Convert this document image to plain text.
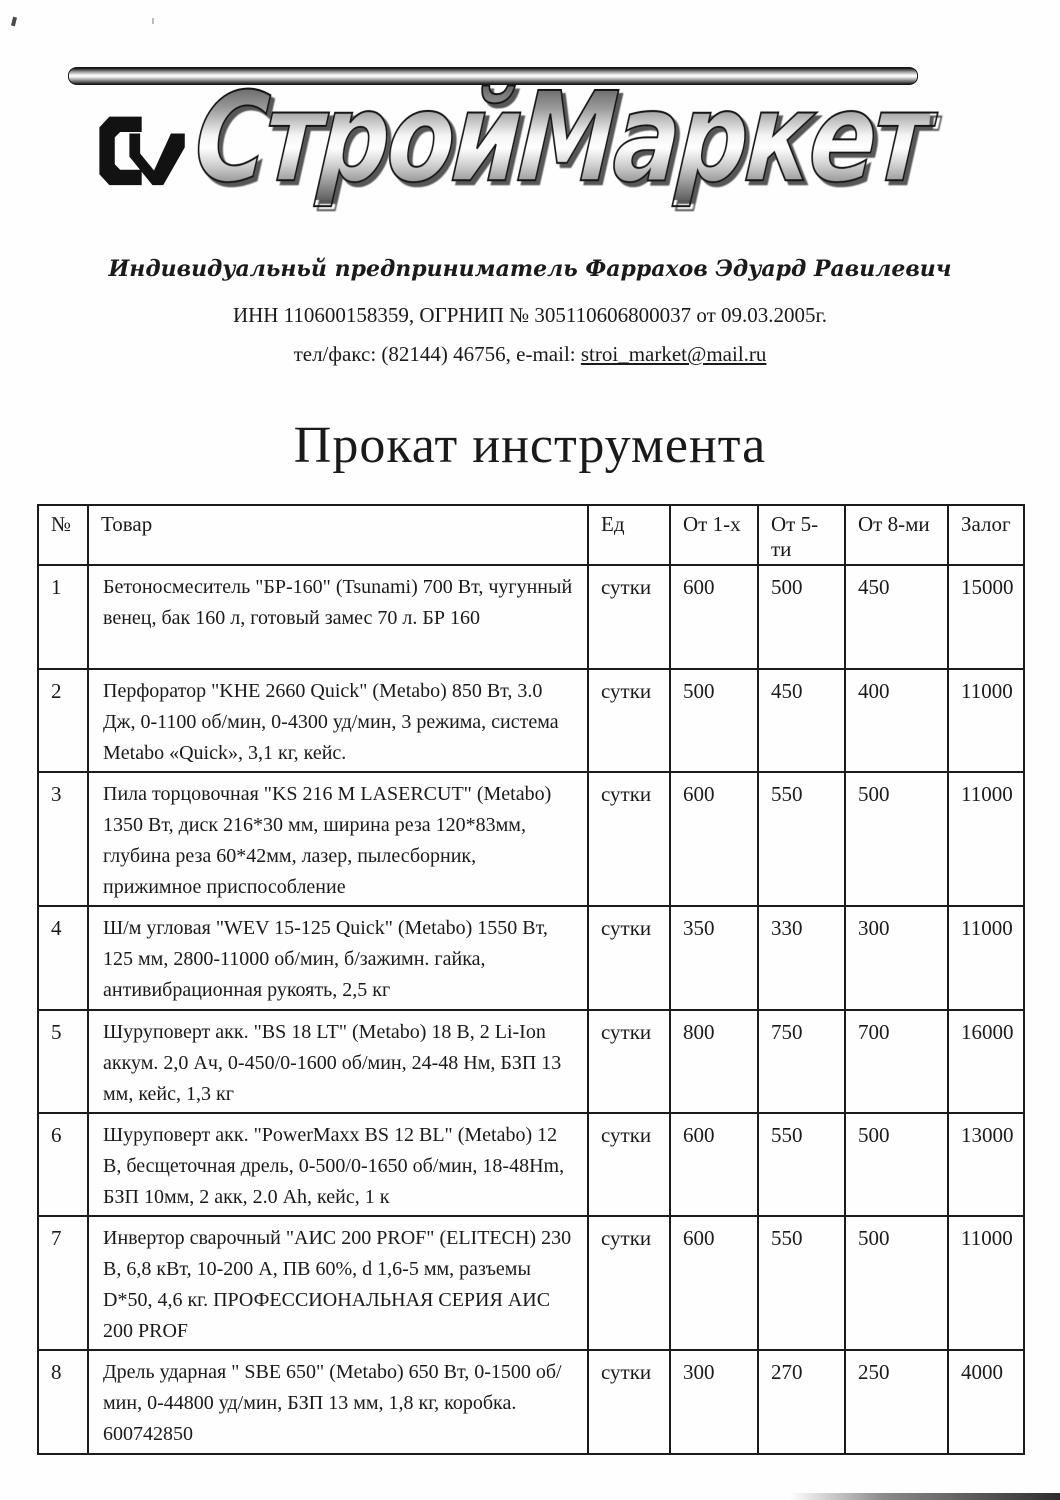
СтройМаркет
Индивидуальньй предприниматель Фаррахов Эдуард Равилевич
ИНН 110600158359, ОГРНИП № 305110606800037 от 09.03.2005г.
тел/факс: (82144) 46756, e-mail: stroi_market@mail.ru
Прокат инструмента
№	Товар	Ед	От 1-х	От 5-ти	От 8-ми	Залог
1	Бетоносмеситель "БР-160" (Tsunami) 700 Вт, чугунный венец, бак 160 л, готовый замес 70 л. БР 160	сутки	600	500	450	15000
2	Перфоратор "KHE 2660 Quick" (Metabo) 850 Вт, 3.0 Дж, 0-1100 об/мин, 0-4300 уд/мин, 3 режима, система Metabo «Quick», 3,1 кг, кейс.	сутки	500	450	400	11000
3	Пила торцовочная "KS 216 M LASERCUT" (Metabo) 1350 Вт, диск 216*30 мм, ширина реза 120*83мм, глубина реза 60*42мм, лазер, пылесборник, прижимное приспособление	сутки	600	550	500	11000
4	Ш/м угловая "WEV 15-125 Quick" (Metabo) 1550 Вт, 125 мм, 2800-11000 об/мин, б/зажимн. гайка, антивибрационная рукоять, 2,5 кг	сутки	350	330	300	11000
5	Шуруповерт акк. "BS 18 LT" (Metabo) 18 В, 2 Li-Ion аккум. 2,0 Ач, 0-450/0-1600 об/мин, 24-48 Нм, БЗП 13 мм, кейс, 1,3 кг	сутки	800	750	700	16000
6	Шуруповерт акк. "PowerMaxx BS 12 BL" (Metabo) 12 В, бесщеточная дрель, 0-500/0-1650 об/мин, 18-48Hm, БЗП 10мм, 2 акк, 2.0 Ah, кейс, 1 к	сутки	600	550	500	13000
7	Инвертор сварочный "АИС 200 PROF" (ELITECH) 230 В, 6,8 кВт, 10-200 А, ПВ 60%, d 1,6-5 мм, разъемы D*50, 4,6 кг. ПРОФЕССИОНАЛЬНАЯ СЕРИЯ АИС 200 PROF	сутки	600	550	500	11000
8	Дрель ударная " SBE 650" (Metabo) 650 Вт, 0-1500 об/мин, 0-44800 уд/мин, БЗП 13 мм, 1,8 кг, коробка. 600742850	сутки	300	270	250	4000
